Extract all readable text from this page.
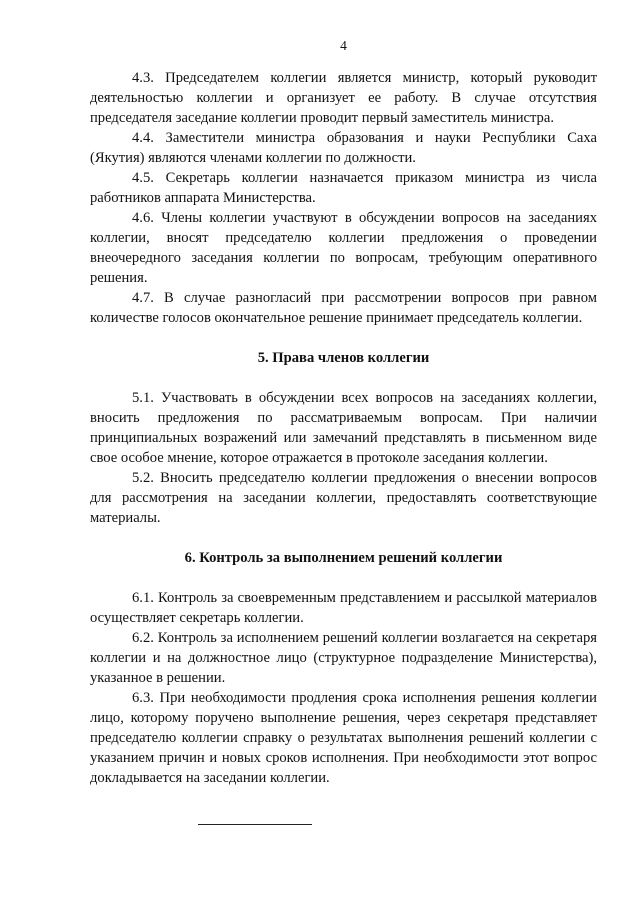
4

4.3. Председателем коллегии является министр, который руководит деятельностью коллегии и организует ее работу. В случае отсутствия председателя заседание коллегии проводит первый заместитель министра.

4.4. Заместители министра образования и науки Республики Саха (Якутия) являются членами коллегии по должности.

4.5. Секретарь коллегии назначается приказом министра из числа работников аппарата Министерства.

4.6. Члены коллегии участвуют в обсуждении вопросов на заседаниях коллегии, вносят председателю коллегии предложения о проведении внеочередного заседания коллегии по вопросам, требующим оперативного решения.

4.7. В случае разногласий при рассмотрении вопросов при равном количестве голосов окончательное решение принимает председатель коллегии.

5. Права членов коллегии

5.1. Участвовать в обсуждении всех вопросов на заседаниях коллегии, вносить предложения по рассматриваемым вопросам. При наличии принципиальных возражений или замечаний представлять в письменном виде свое особое мнение, которое отражается в протоколе заседания коллегии.

5.2. Вносить председателю коллегии предложения о внесении вопросов для рассмотрения на заседании коллегии, предоставлять соответствующие материалы.

6. Контроль за выполнением решений коллегии

6.1. Контроль за своевременным представлением и рассылкой материалов осуществляет секретарь коллегии.

6.2. Контроль за исполнением решений коллегии возлагается на секретаря коллегии и на должностное лицо (структурное подразделение Министерства), указанное в решении.

6.3. При необходимости продления срока исполнения решения коллегии лицо, которому поручено выполнение решения, через секретаря представляет председателю коллегии справку о результатах выполнения решений коллегии с указанием причин и новых сроков исполнения. При необходимости этот вопрос докладывается на заседании коллегии.
